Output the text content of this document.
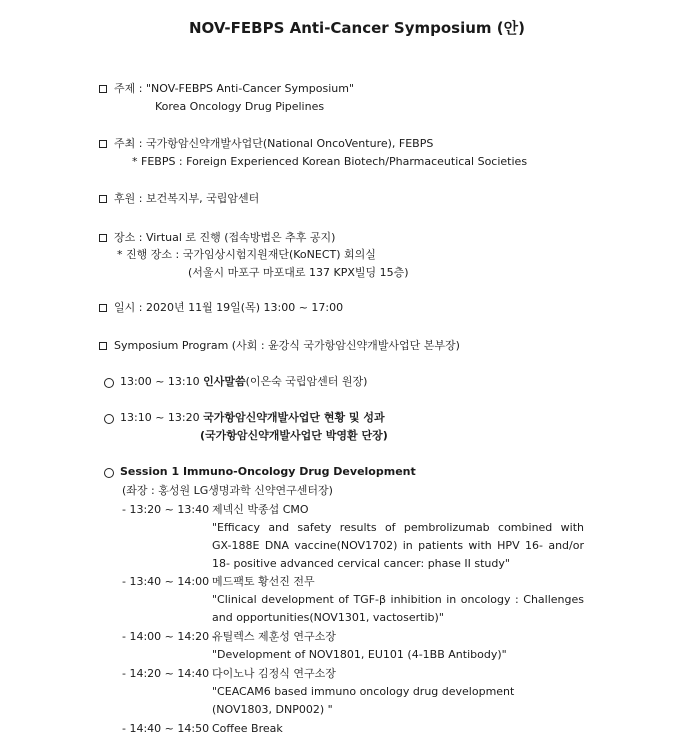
NOV-FEBPS Anti-Cancer Symposium (안)
주제 : "NOV-FEBPS Anti-Cancer Symposium"
Korea Oncology Drug Pipelines
주최 : 국가항암신약개발사업단(National OncoVenture), FEBPS
* FEBPS : Foreign Experienced Korean Biotech/Pharmaceutical Societies
후원 : 보건복지부, 국립암센터
장소 : Virtual 로 진행 (접속방법은 추후 공지)
* 진행 장소 : 국가임상시험지원재단(KoNECT) 회의실
(서울시 마포구 마포대로 137 KPX빌딩 15층)
일시 : 2020년 11월 19일(목) 13:00 ~ 17:00
Symposium Program (사회 : 윤강식 국가항암신약개발사업단 본부장)
13:00 ~ 13:10 인사말씀(이은숙 국립암센터 원장)
13:10 ~ 13:20 국가항암신약개발사업단 현황 및 성과
(국가항암신약개발사업단 박영환 단장)
Session 1 Immuno-Oncology Drug Development
(좌장 : 홍성원 LG생명과학 신약연구센터장)
- 13:20 ~ 13:40 제넥신 박종섭 CMO
"Efficacy and safety results of pembrolizumab combined with
GX-188E DNA vaccine(NOV1702) in patients with HPV 16- and/or
18- positive advanced cervical cancer: phase II study"
- 13:40 ~ 14:00 메드팩토 황선진 전무
"Clinical development of TGF-β inhibition in oncology : Challenges
and opportunities(NOV1301, vactosertib)"
- 14:00 ~ 14:20 유틸렉스 제훈성 연구소장
"Development of NOV1801, EU101 (4-1BB Antibody)"
- 14:20 ~ 14:40 다이노나 김정식 연구소장
"CEACAM6 based immuno oncology drug development
(NOV1803, DNP002) "
- 14:40 ~ 14:50 Coffee Break
